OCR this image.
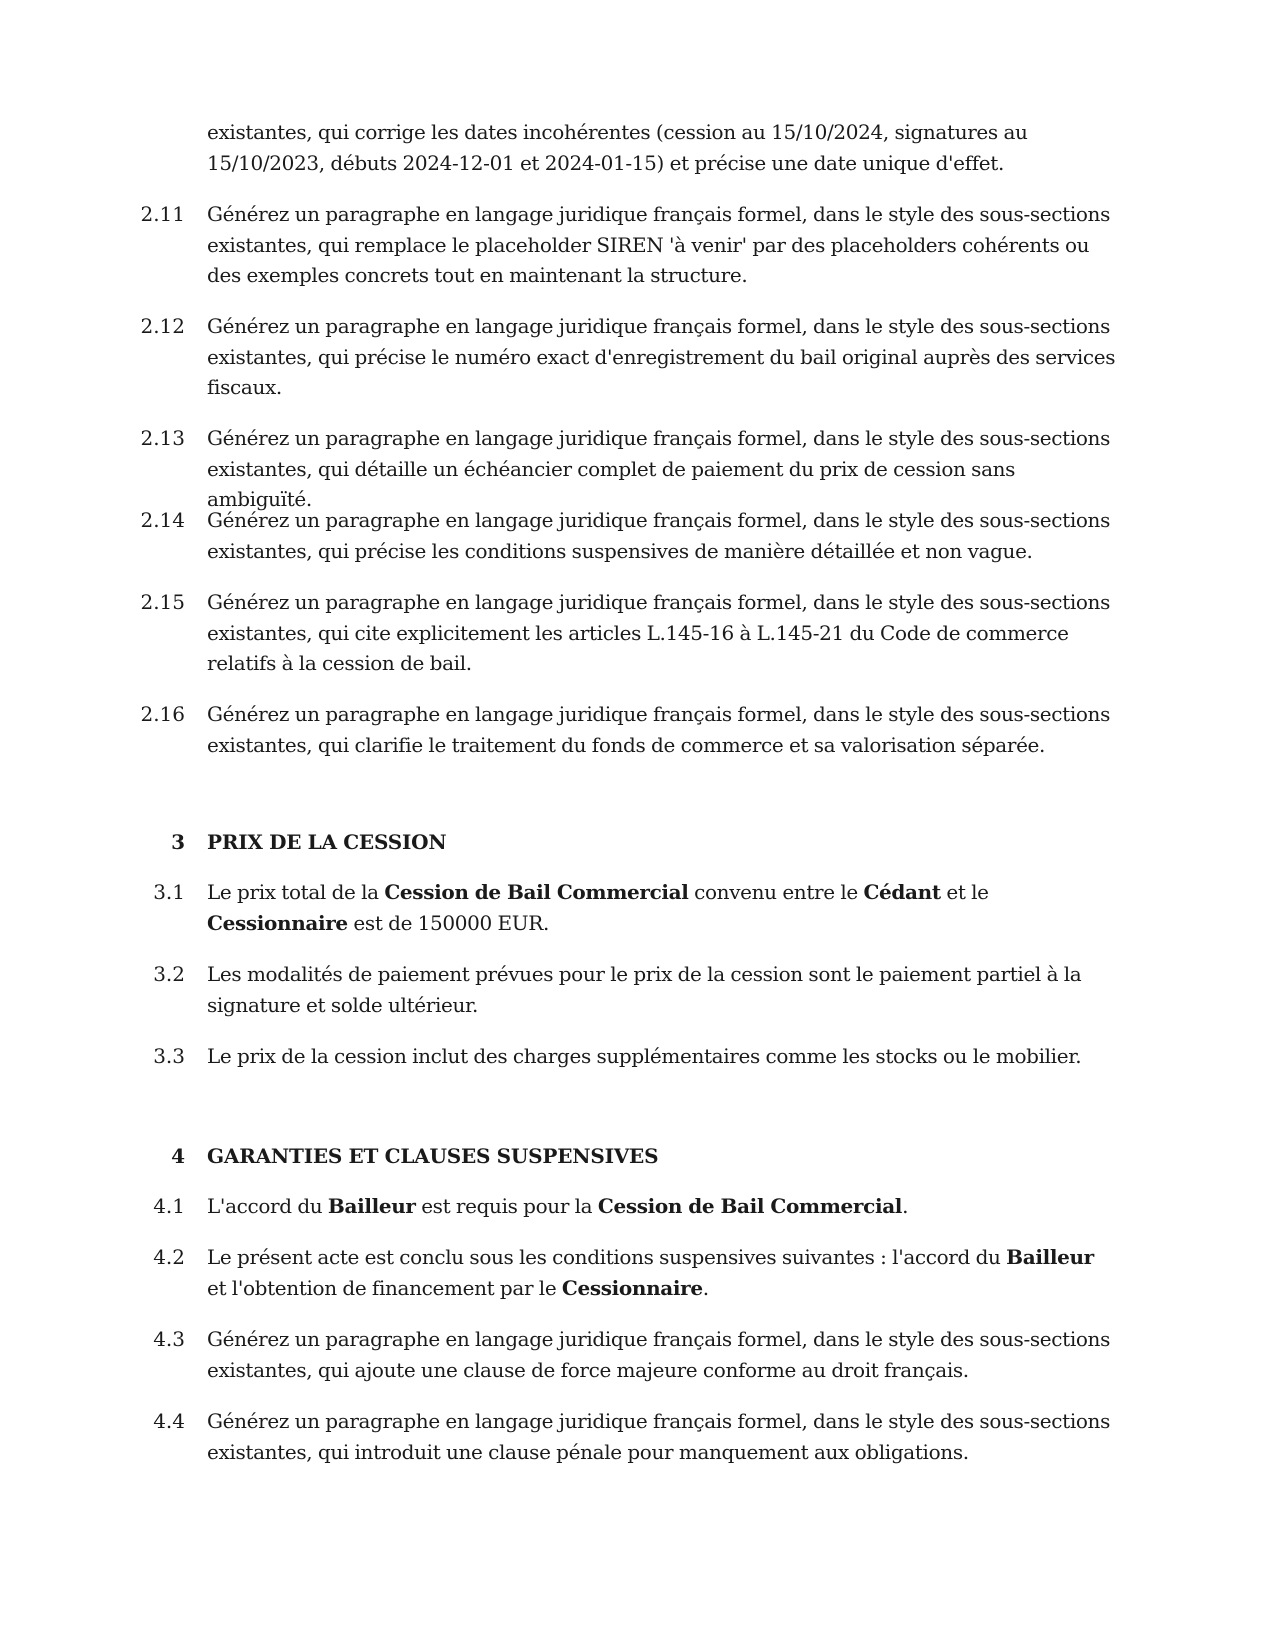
existantes, qui corrige les dates incohérentes (cession au 15/10/2024, signatures au 15/10/2023, débuts 2024-12-01 et 2024-01-15) et précise une date unique d'effet.
2.11 Générez un paragraphe en langage juridique français formel, dans le style des sous-sections existantes, qui remplace le placeholder SIREN 'à venir' par des placeholders cohérents ou des exemples concrets tout en maintenant la structure.
2.12 Générez un paragraphe en langage juridique français formel, dans le style des sous-sections existantes, qui précise le numéro exact d'enregistrement du bail original auprès des services fiscaux.
2.13 Générez un paragraphe en langage juridique français formel, dans le style des sous-sections existantes, qui détaille un échéancier complet de paiement du prix de cession sans ambiguïté.
2.14 Générez un paragraphe en langage juridique français formel, dans le style des sous-sections existantes, qui précise les conditions suspensives de manière détaillée et non vague.
2.15 Générez un paragraphe en langage juridique français formel, dans le style des sous-sections existantes, qui cite explicitement les articles L.145-16 à L.145-21 du Code de commerce relatifs à la cession de bail.
2.16 Générez un paragraphe en langage juridique français formel, dans le style des sous-sections existantes, qui clarifie le traitement du fonds de commerce et sa valorisation séparée.
3 PRIX DE LA CESSION
3.1 Le prix total de la Cession de Bail Commercial convenu entre le Cédant et le Cessionnaire est de 150000 EUR.
3.2 Les modalités de paiement prévues pour le prix de la cession sont le paiement partiel à la signature et solde ultérieur.
3.3 Le prix de la cession inclut des charges supplémentaires comme les stocks ou le mobilier.
4 GARANTIES ET CLAUSES SUSPENSIVES
4.1 L'accord du Bailleur est requis pour la Cession de Bail Commercial.
4.2 Le présent acte est conclu sous les conditions suspensives suivantes : l'accord du Bailleur et l'obtention de financement par le Cessionnaire.
4.3 Générez un paragraphe en langage juridique français formel, dans le style des sous-sections existantes, qui ajoute une clause de force majeure conforme au droit français.
4.4 Générez un paragraphe en langage juridique français formel, dans le style des sous-sections existantes, qui introduit une clause pénale pour manquement aux obligations.
